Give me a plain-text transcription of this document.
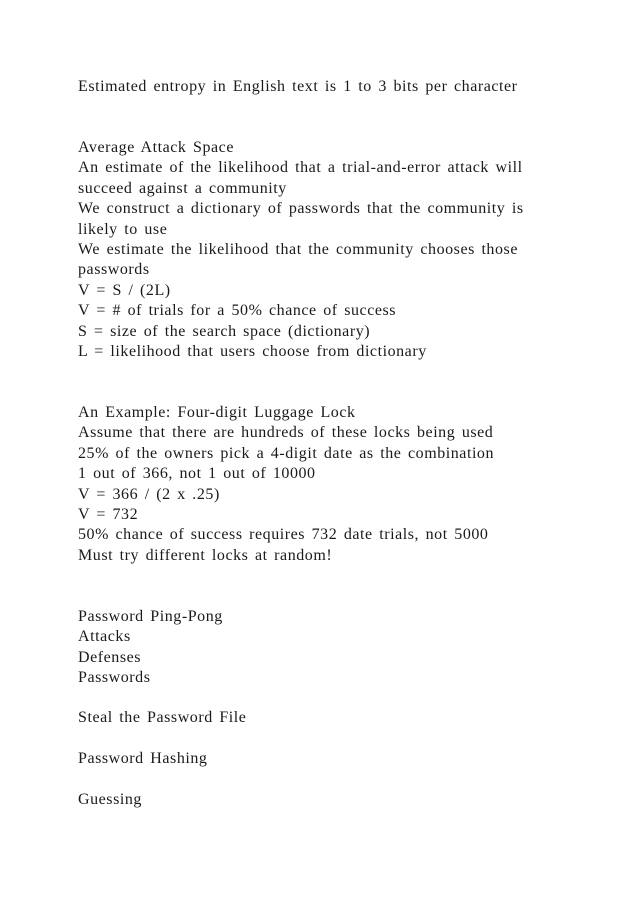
Estimated entropy in English text is 1 to 3 bits per character
Average Attack Space
An estimate of the likelihood that a trial-and-error attack will
succeed against a community
We construct a dictionary of passwords that the community is
likely to use
We estimate the likelihood that the community chooses those
passwords
V = S / (2L)
V = # of trials for a 50% chance of success
S = size of the search space (dictionary)
L = likelihood that users choose from dictionary
An Example: Four-digit Luggage Lock
Assume that there are hundreds of these locks being used
25% of the owners pick a 4-digit date as the combination
1 out of 366, not 1 out of 10000
V = 366 / (2 x .25)
V = 732
50% chance of success requires 732 date trials, not 5000
Must try different locks at random!
Password Ping-Pong
Attacks
Defenses
Passwords
Steal the Password File
Password Hashing
Guessing
